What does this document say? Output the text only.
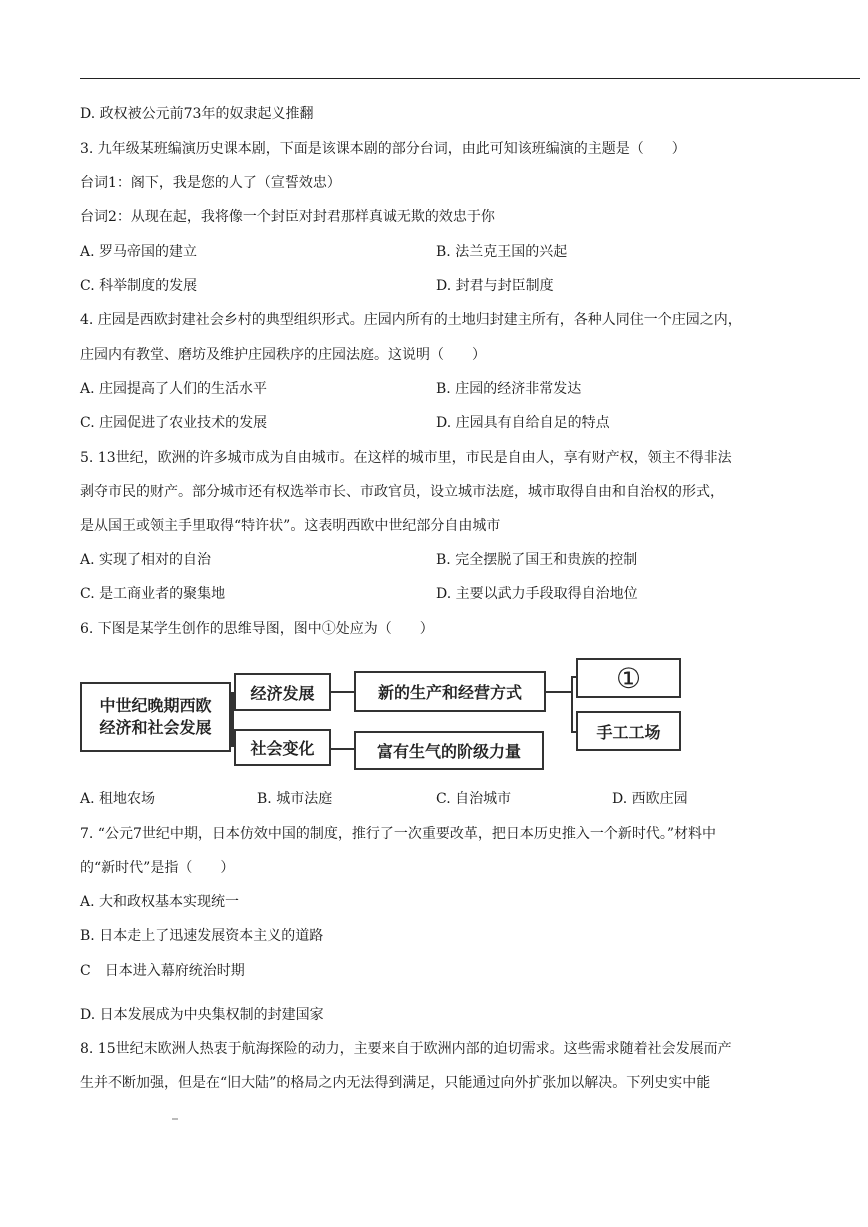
D. 政权被公元前73年的奴隶起义推翻
3. 九年级某班编演历史课本剧，下面是该课本剧的部分台词，由此可知该班编演的主题是（　　）
台词1：阁下，我是您的人了（宣誓效忠）
台词2：从现在起，我将像一个封臣对封君那样真诚无欺的效忠于你
A. 罗马帝国的建立	B. 法兰克王国的兴起
C. 科举制度的发展	D. 封君与封臣制度
4. 庄园是西欧封建社会乡村的典型组织形式。庄园内所有的土地归封建主所有，各种人同住一个庄园之内，
庄园内有教堂、磨坊及维护庄园秩序的庄园法庭。这说明（　　）
A. 庄园提高了人们的生活水平	B. 庄园的经济非常发达
C. 庄园促进了农业技术的发展	D. 庄园具有自给自足的特点
5. 13世纪，欧洲的许多城市成为自由城市。在这样的城市里，市民是自由人，享有财产权，领主不得非法
剥夺市民的财产。部分城市还有权选举市长、市政官员，设立城市法庭，城市取得自由和自治权的形式，
是从国王或领主手里取得“特许状”。这表明西欧中世纪部分自由城市
A. 实现了相对的自治	B. 完全摆脱了国王和贵族的控制
C. 是工商业者的聚集地	D. 主要以武力手段取得自治地位
6. 下图是某学生创作的思维导图，图中①处应为（　　）
中世纪晚期西欧
经济和社会发展
经济发展
社会变化
新的生产和经营方式
富有生气的阶级力量
①
手工工场
A. 租地农场	B. 城市法庭	C. 自治城市	D. 西欧庄园
7. “公元7世纪中期，日本仿效中国的制度，推行了一次重要改革，把日本历史推入一个新时代。”材料中
的“新时代”是指（　　）
A. 大和政权基本实现统一
B. 日本走上了迅速发展资本主义的道路
C　日本进入幕府统治时期
D. 日本发展成为中央集权制的封建国家
8. 15世纪末欧洲人热衷于航海探险的动力，主要来自于欧洲内部的迫切需求。这些需求随着社会发展而产
生并不断加强，但是在“旧大陆”的格局之内无法得到满足，只能通过向外扩张加以解决。下列史实中能
